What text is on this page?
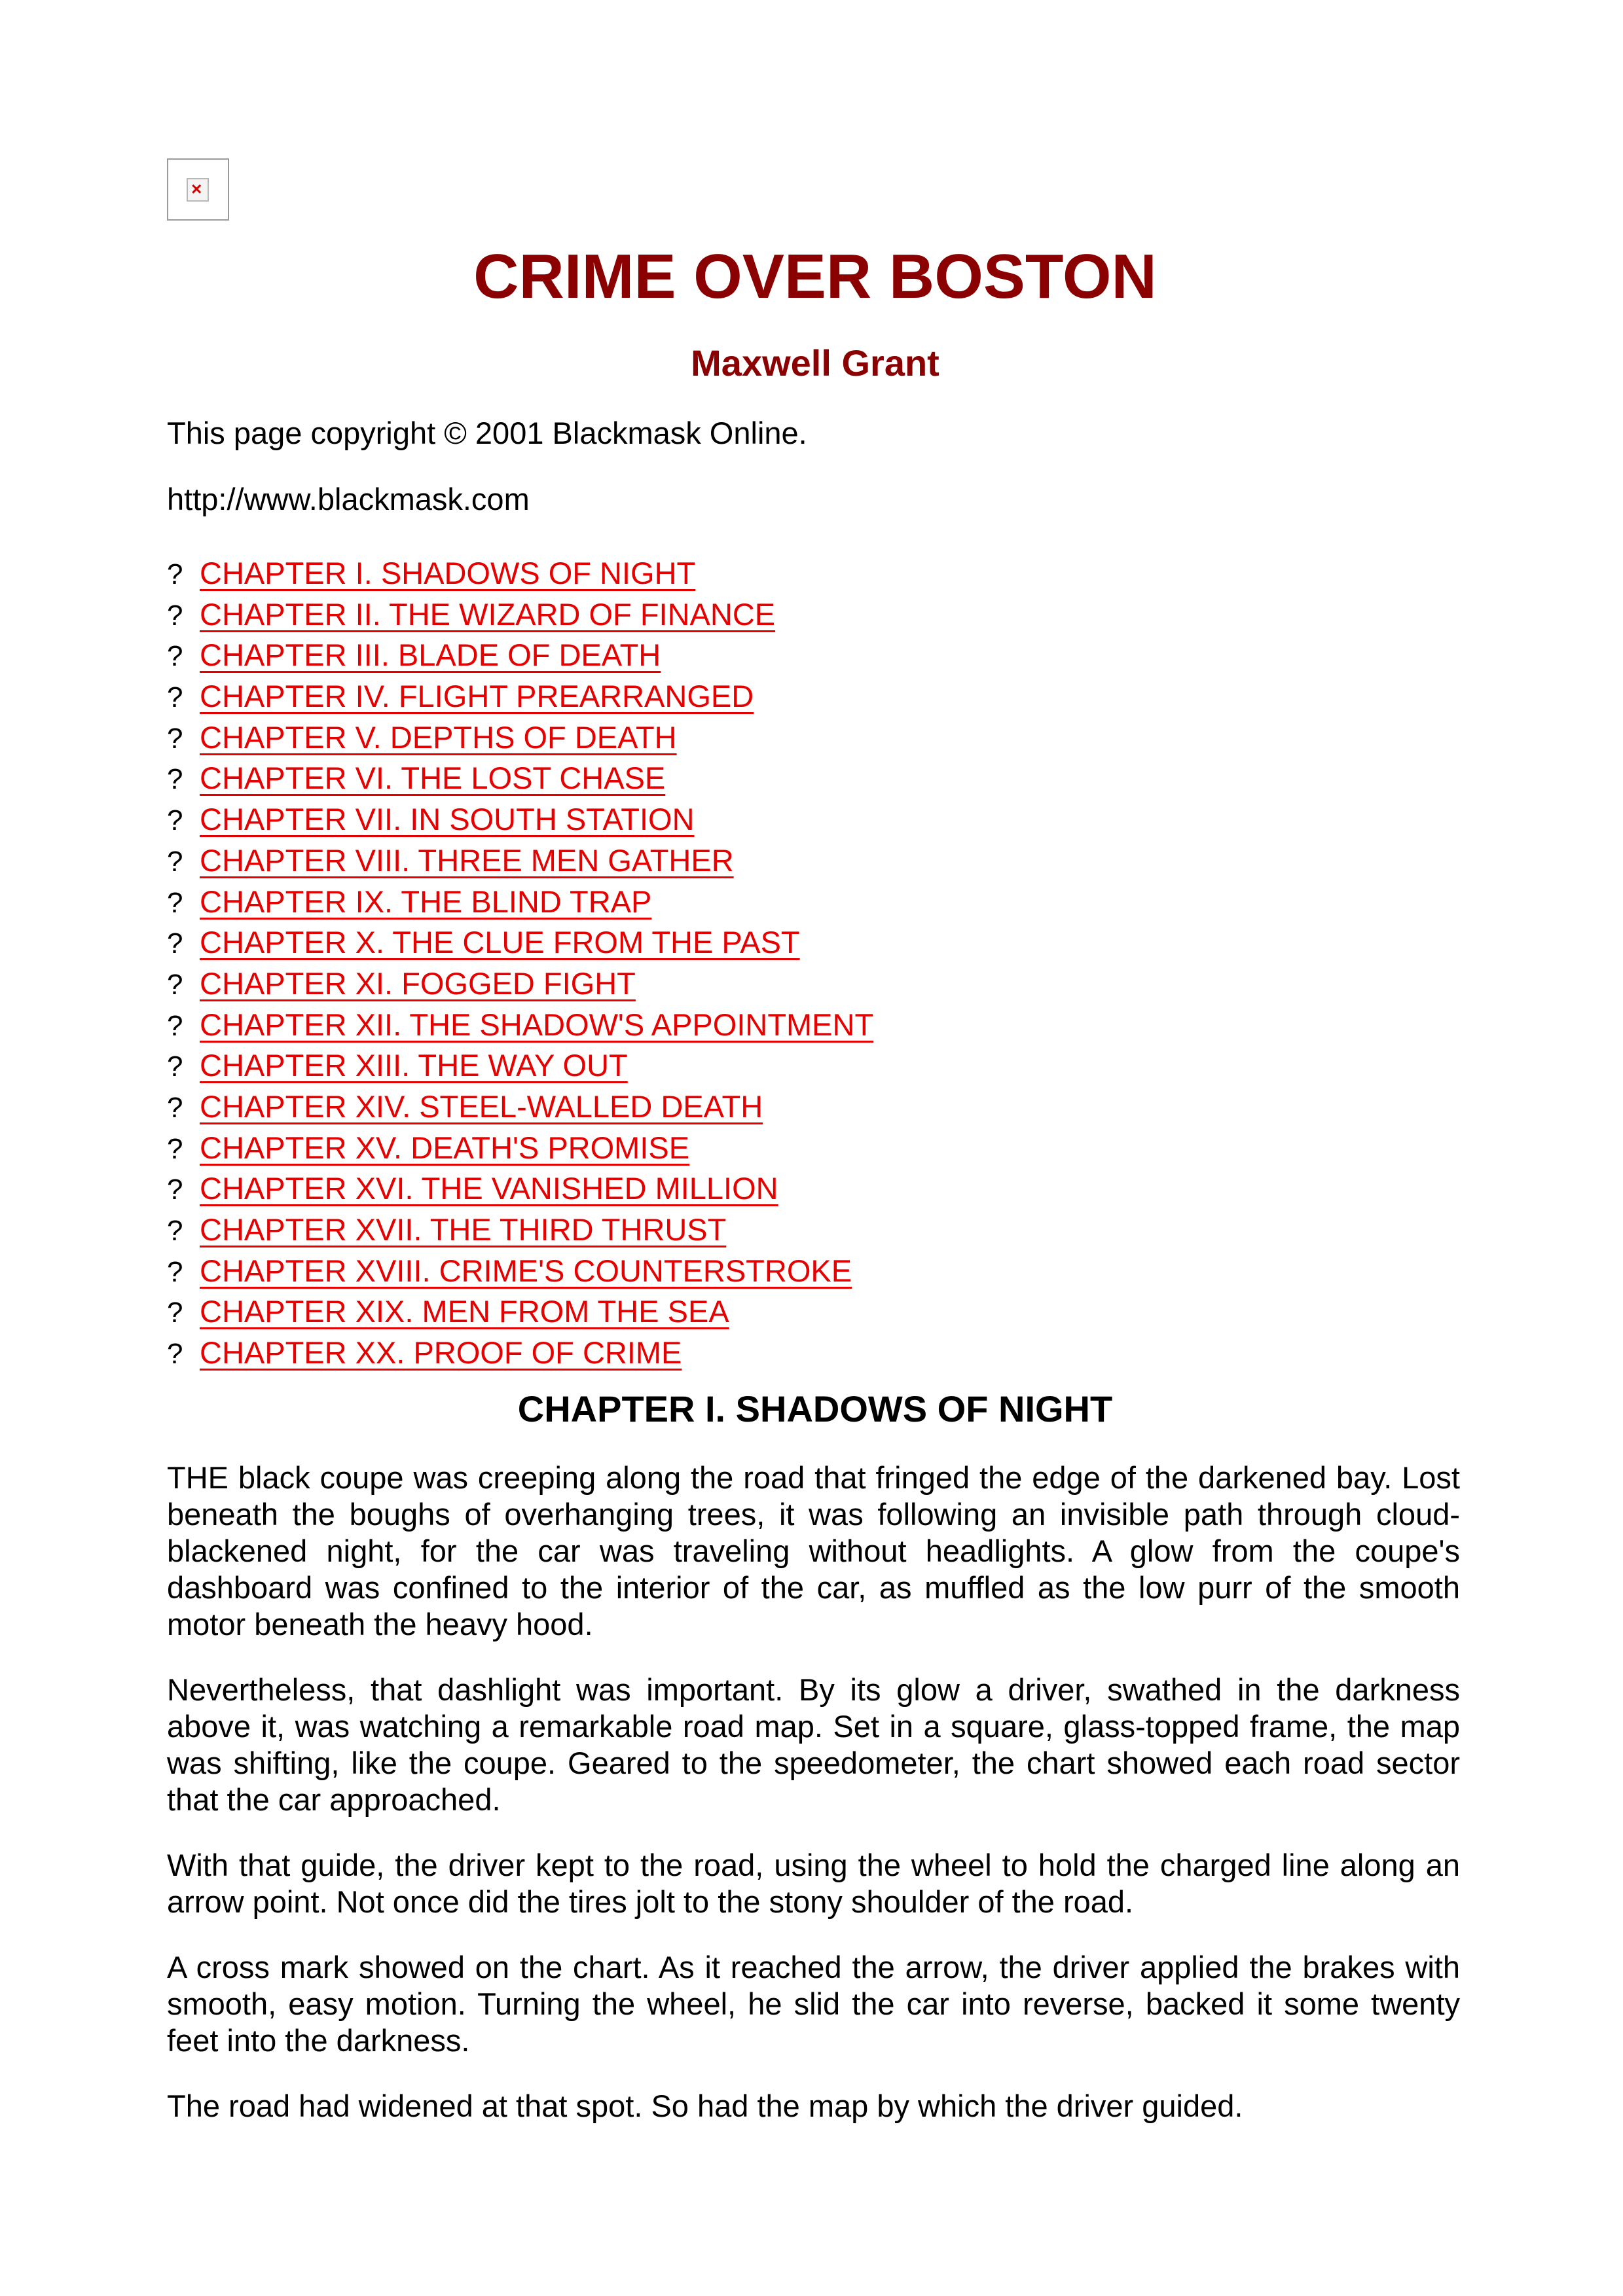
×
CRIME OVER BOSTON
Maxwell Grant
This page copyright © 2001 Blackmask Online.
http://www.blackmask.com
? CHAPTER I. SHADOWS OF NIGHT
? CHAPTER II. THE WIZARD OF FINANCE
? CHAPTER III. BLADE OF DEATH
? CHAPTER IV. FLIGHT PREARRANGED
? CHAPTER V. DEPTHS OF DEATH
? CHAPTER VI. THE LOST CHASE
? CHAPTER VII. IN SOUTH STATION
? CHAPTER VIII. THREE MEN GATHER
? CHAPTER IX. THE BLIND TRAP
? CHAPTER X. THE CLUE FROM THE PAST
? CHAPTER XI. FOGGED FIGHT
? CHAPTER XII. THE SHADOW'S APPOINTMENT
? CHAPTER XIII. THE WAY OUT
? CHAPTER XIV. STEEL-WALLED DEATH
? CHAPTER XV. DEATH'S PROMISE
? CHAPTER XVI. THE VANISHED MILLION
? CHAPTER XVII. THE THIRD THRUST
? CHAPTER XVIII. CRIME'S COUNTERSTROKE
? CHAPTER XIX. MEN FROM THE SEA
? CHAPTER XX. PROOF OF CRIME
CHAPTER I. SHADOWS OF NIGHT

THE black coupe was creeping along the road that fringed the edge of the darkened bay. Lost beneath the boughs of overhanging trees, it was following an invisible path through cloud-blackened night, for the car was traveling without headlights. A glow from the coupe's dashboard was confined to the interior of the car, as muffled as the low purr of the smooth motor beneath the heavy hood.

Nevertheless, that dashlight was important. By its glow a driver, swathed in the darkness above it, was watching a remarkable road map. Set in a square, glass-topped frame, the map was shifting, like the coupe. Geared to the speedometer, the chart showed each road sector that the car approached.

With that guide, the driver kept to the road, using the wheel to hold the charged line along an arrow point. Not once did the tires jolt to the stony shoulder of the road.

A cross mark showed on the chart. As it reached the arrow, the driver applied the brakes with smooth, easy motion. Turning the wheel, he slid the car into reverse, backed it some twenty feet into the darkness.

The road had widened at that spot. So had the map by which the driver guided.
